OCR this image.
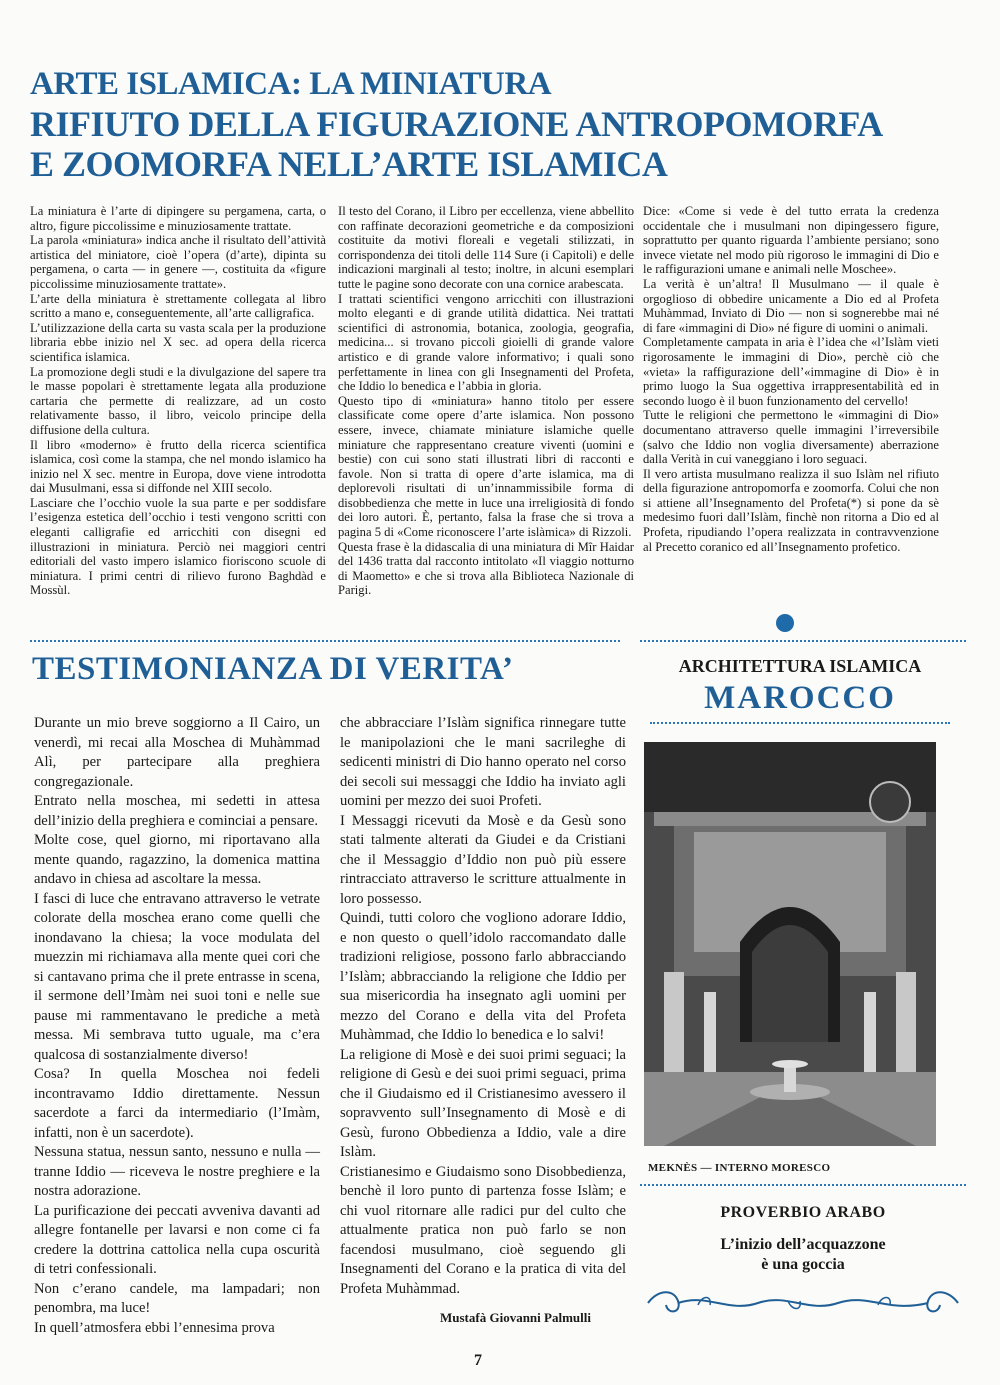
ARTE ISLAMICA: LA MINIATURA
RIFIUTO DELLA FIGURAZIONE ANTROPOMORFA
E ZOOMORFA NELL’ARTE ISLAMICA

La miniatura è l’arte di dipingere su pergamena, carta, o altro, figure piccolissime e minuziosamente trattate.

La parola «miniatura» indica anche il risultato dell’attività artistica del miniatore, cioè l’opera (d’arte), dipinta su pergamena, o carta — in genere —, costituita da «figure piccolissime minuziosamente trattate».

L’arte della miniatura è strettamente collegata al libro scritto a mano e, conseguentemente, all’arte calligrafica.

L’utilizzazione della carta su vasta scala per la produzione libraria ebbe inizio nel X sec. ad opera della ricerca scientifica islamica.

La promozione degli studi e la divulgazione del sapere tra le masse popolari è strettamente legata alla produzione cartaria che permette di realizzare, ad un costo relativamente basso, il libro, veicolo principe della diffusione della cultura.

Il libro «moderno» è frutto della ricerca scientifica islamica, così come la stampa, che nel mondo islamico ha inizio nel X sec. mentre in Europa, dove viene introdotta dai Musulmani, essa si diffonde nel XIII secolo.

Lasciare che l’occhio vuole la sua parte e per soddisfare l’esigenza estetica dell’occhio i testi vengono scritti con eleganti calligrafie ed arricchiti con disegni ed illustrazioni in miniatura. Perciò nei maggiori centri editoriali del vasto impero islamico fioriscono scuole di miniatura. I primi centri di rilievo furono Baghdàd e Mossùl.

Il testo del Corano, il Libro per eccellenza, viene abbellito con raffinate decorazioni geometriche e da composizioni costituite da motivi floreali e vegetali stilizzati, in corrispondenza dei titoli delle 114 Sure (i Capitoli) e delle indicazioni marginali al testo; inoltre, in alcuni esemplari tutte le pagine sono decorate con una cornice arabescata.

I trattati scientifici vengono arricchiti con illustrazioni molto eleganti e di grande utilità didattica. Nei trattati scientifici di astronomia, botanica, zoologia, geografia, medicina... si trovano piccoli gioielli di grande valore artistico e di grande valore informativo; i quali sono perfettamente in linea con gli Insegnamenti del Profeta, che Iddio lo benedica e l’abbia in gloria.

Questo tipo di «miniatura» hanno titolo per essere classificate come opere d’arte islamica. Non possono essere, invece, chiamate miniature islamiche quelle miniature che rappresentano creature viventi (uomini e bestie) con cui sono stati illustrati libri di racconti e favole. Non si tratta di opere d’arte islamica, ma di deplorevoli risultati di un’innammissibile forma di disobbedienza che mette in luce una irreligiosità di fondo dei loro autori. È, pertanto, falsa la frase che si trova a pagina 5 di «Come riconoscere l’arte islàmica» di Rizzoli.

Questa frase è la didascalia di una miniatura di Mîr Haidar del 1436 tratta dal racconto intitolato «Il viaggio notturno di Maometto» e che si trova alla Biblioteca Nazionale di Parigi.

Dice: «Come si vede è del tutto errata la credenza occidentale che i musulmani non dipingessero figure, soprattutto per quanto riguarda l’ambiente persiano; sono invece vietate nel modo più rigoroso le immagini di Dio e le raffigurazioni umane e animali nelle Moschee».

La verità è un’altra! Il Musulmano — il quale è orgoglioso di obbedire unicamente a Dio ed al Profeta Muhàmmad, Inviato di Dio — non si sognerebbe mai né di fare «immagini di Dio» né figure di uomini o animali.

Completamente campata in aria è l’idea che «l’Islàm vieti rigorosamente le immagini di Dio», perchè ciò che «vieta» la raffigurazione dell’«immagine di Dio» è in primo luogo la Sua oggettiva irrappresentabilità ed in secondo luogo è il buon funzionamento del cervello!

Tutte le religioni che permettono le «immagini di Dio» documentano attraverso quelle immagini l’irreversibile (salvo che Iddio non voglia diversamente) aberrazione dalla Verità in cui vaneggiano i loro seguaci.

Il vero artista musulmano realizza il suo Islàm nel rifiuto della figurazione antropomorfa e zoomorfa. Colui che non si attiene all’Insegnamento del Profeta(*) si pone da sè medesimo fuori dall’Islàm, finchè non ritorna a Dio ed al Profeta, ripudiando l’opera realizzata in contravvenzione al Precetto coranico ed all’Insegnamento profetico.

TESTIMONIANZA DI VERITA’

Durante un mio breve soggiorno a Il Cairo, un venerdì, mi recai alla Moschea di Muhàmmad Alì, per partecipare alla preghiera congregazionale.

Entrato nella moschea, mi sedetti in attesa dell’inizio della preghiera e cominciai a pensare.

Molte cose, quel giorno, mi riportavano alla mente quando, ragazzino, la domenica mattina andavo in chiesa ad ascoltare la messa.

I fasci di luce che entravano attraverso le vetrate colorate della moschea erano come quelli che inondavano la chiesa; la voce modulata del muezzin mi richiamava alla mente quei cori che si cantavano prima che il prete entrasse in scena, il sermone dell’Imàm nei suoi toni e nelle sue pause mi rammentavano le prediche a metà messa. Mi sembrava tutto uguale, ma c’era qualcosa di sostanzialmente diverso!

Cosa? In quella Moschea noi fedeli incontravamo Iddio direttamente. Nessun sacerdote a farci da intermediario (l’Imàm, infatti, non è un sacerdote).

Nessuna statua, nessun santo, nessuno e nulla — tranne Iddio — riceveva le nostre preghiere e la nostra adorazione.

La purificazione dei peccati avveniva davanti ad allegre fontanelle per lavarsi e non come ci fa credere la dottrina cattolica nella cupa oscurità di tetri confessionali.

Non c’erano candele, ma lampadari; non penombra, ma luce!

In quell’atmosfera ebbi l’ennesima prova

che abbracciare l’Islàm significa rinnegare tutte le manipolazioni che le mani sacrileghe di sedicenti ministri di Dio hanno operato nel corso dei secoli sui messaggi che Iddio ha inviato agli uomini per mezzo dei suoi Profeti.

I Messaggi ricevuti da Mosè e da Gesù sono stati talmente alterati da Giudei e da Cristiani che il Messaggio d’Iddio non può più essere rintracciato attraverso le scritture attualmente in loro possesso.

Quindi, tutti coloro che vogliono adorare Iddio, e non questo o quell’idolo raccomandato dalle tradizioni religiose, possono farlo abbracciando l’Islàm; abbracciando la religione che Iddio per sua misericordia ha insegnato agli uomini per mezzo del Corano e della vita del Profeta Muhàmmad, che Iddio lo benedica e lo salvi!

La religione di Mosè e dei suoi primi seguaci; la religione di Gesù e dei suoi primi seguaci, prima che il Giudaismo ed il Cristianesimo avessero il sopravvento sull’Insegnamento di Mosè e di Gesù, furono Obbedienza a Iddio, vale a dire Islàm.

Cristianesimo e Giudaismo sono Disobbedienza, benchè il loro punto di partenza fosse Islàm; e chi vuol ritornare alle radici pur del culto che attualmente pratica non può farlo se non facendosi musulmano, cioè seguendo gli Insegnamenti del Corano e la pratica di vita del Profeta Muhàmmad.

Mustafà Giovanni Palmulli
ARCHITETTURA ISLAMICA
MAROCCO
MEKNÈS — INTERNO MORESCO
PROVERBIO ARABO
L’inizio dell’acquazzone
è una goccia
7
